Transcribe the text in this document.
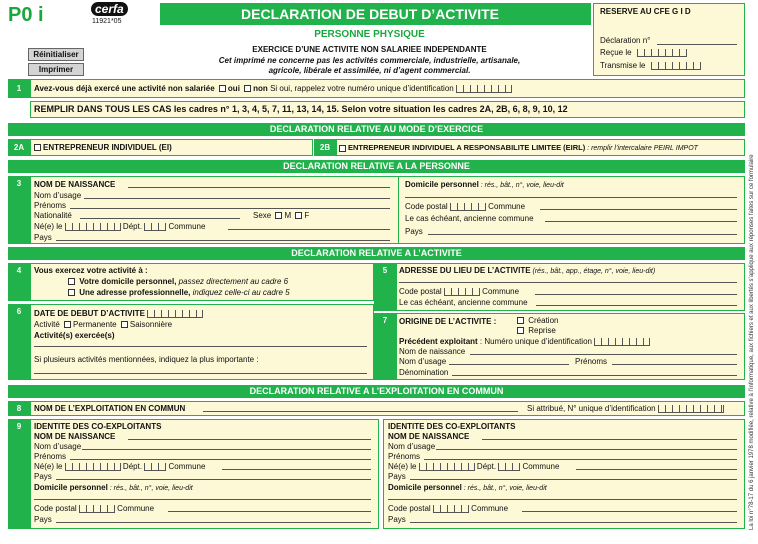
P0 i	cerfa
11921*05	DECLARATION DE DEBUT D’ACTIVITE
PERSONNE PHYSIQUE
EXERCICE D’UNE ACTIVITE NON SALARIEE INDEPENDANTE
Cet imprimé ne concerne pas les activités commerciale, industrielle, artisanale,
agricole, libérale et assimilée, ni d’agent commercial.
Réinitialiser
Imprimer
RESERVE AU CFE G I D
Déclaration n°
Reçue le
Transmise le
1	Avez-vous déjà exercé une activité non salariée oui non Si oui, rappelez votre numéro unique d’identification
REMPLIR DANS TOUS LES CAS les cadres n° 1, 3, 4, 5, 7, 11, 13, 14, 15. Selon votre situation les cadres 2A, 2B, 6, 8, 9, 10, 12
DECLARATION RELATIVE AU MODE D’EXERCICE
2A	ENTREPRENEUR INDIVIDUEL (EI)	2B	ENTREPRENEUR INDIVIDUEL A RESPONSABILITE LIMITEE (EIRL) : remplir l’intercalaire PEIRL IMPOT
DECLARATION RELATIVE A LA PERSONNE
3	NOM DE NAISSANCE
Nom d’usage
Prénoms
Nationalité	Sexe M F
Né(e) le	Dépt.	Commune
Pays
Domicile personnel : rés., bât., n°, voie, lieu-dit
Code postal	Commune
Le cas échéant, ancienne commune
Pays
DECLARATION RELATIVE A L’ACTIVITE
4	Vous exercez votre activité à :
Votre domicile personnel, passez directement au cadre 6
Une adresse professionnelle, indiquez celle-ci au cadre 5
5	ADRESSE DU LIEU DE L’ACTIVITE (rés., bât., app., étage, n°, voie, lieu-dit)
Code postal	Commune
Le cas échéant, ancienne commune
6	DATE DE DEBUT D’ACTIVITE
Activité Permanente Saisonnière
Activité(s) exercée(s)
Si plusieurs activités mentionnées, indiquez la plus importante :
7	ORIGINE DE L’ACTIVITE :	Création
Reprise
Précédent exploitant : Numéro unique d’identification
Nom de naissance
Nom d’usage	Prénoms
Dénomination
DECLARATION RELATIVE A L’EXPLOITATION EN COMMUN
8	NOM DE L’EXPLOITATION EN COMMUN	Si attribué, N° unique d’identification
9	IDENTITE DES CO-EXPLOITANTS
NOM DE NAISSANCE
Nom d’usage
Prénoms
Né(e) le	Dépt.	Commune
Pays
Domicile personnel : rés., bât., n°, voie, lieu-dit
Code postal	Commune
Pays
IDENTITE DES CO-EXPLOITANTS
NOM DE NAISSANCE
Nom d’usage
Prénoms
Né(e) le	Dépt.	Commune
Pays
Domicile personnel : rés., bât., n°, voie, lieu-dit
Code postal	Commune
Pays	La loi n°78-17 du 6 janvier 1978 modifiée, relative à l’informatique, aux fichiers et aux libertés s’applique aux réponses faites sur ce formulaire
